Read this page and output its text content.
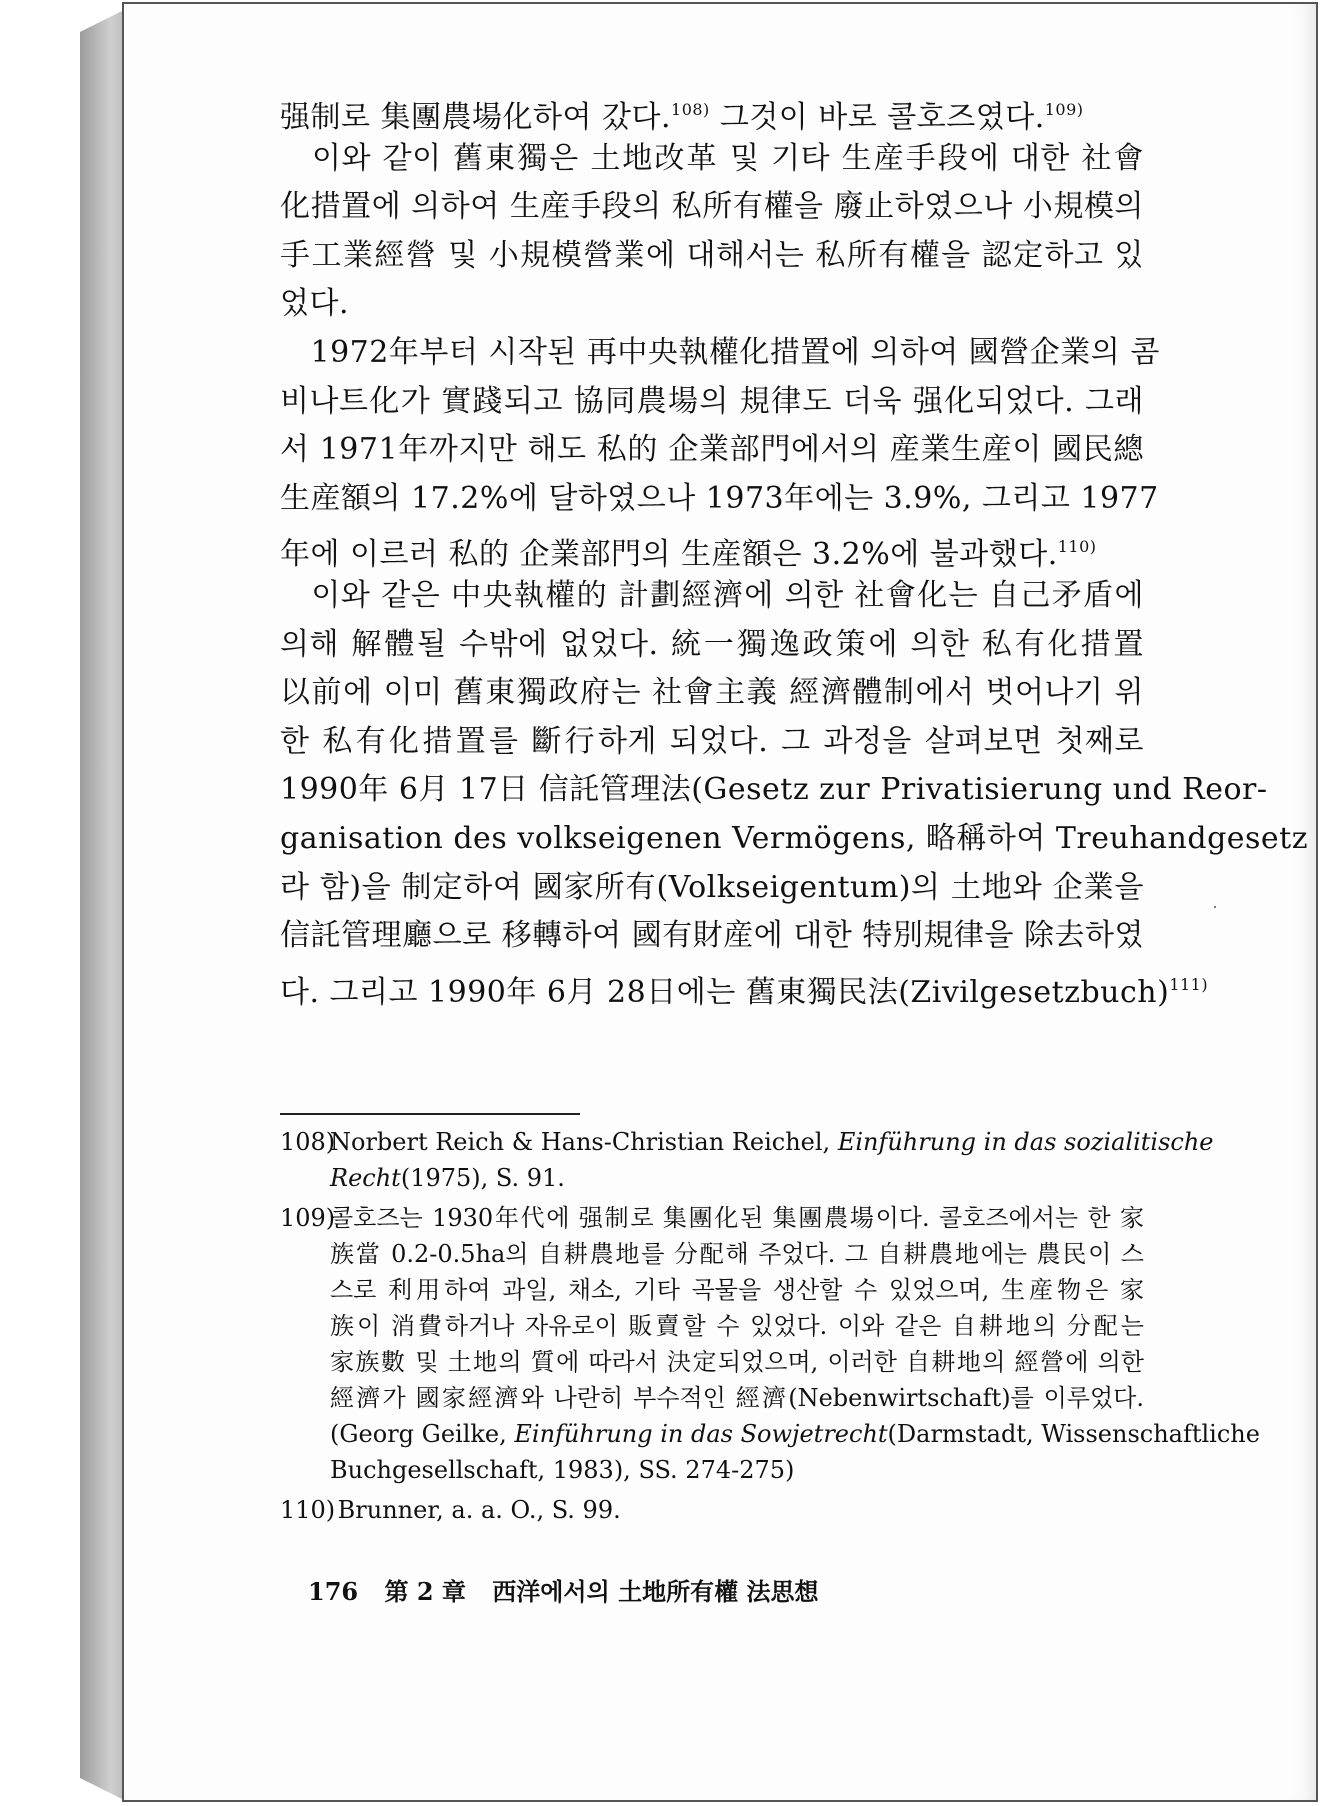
强制로 集團農場化하여 갔다.$^{108)}$ 그것이 바로 콜호즈였다.$^{109)}$
　이와 같이 舊東獨은 土地改革 및 기타 生産手段에 대한 社會
化措置에 의하여 生産手段의 私所有權을 廢止하였으나 小規模의
手工業經營 및 小規模營業에 대해서는 私所有權을 認定하고 있
었다.
　1972年부터 시작된 再中央執權化措置에 의하여 國營企業의 콤
비나트化가 實踐되고 協同農場의 規律도 더욱 强化되었다. 그래
서 1971年까지만 해도 私的 企業部門에서의 産業生産이 國民總
生産額의 17.2%에 달하였으나 1973年에는 3.9%, 그리고 1977
年에 이르러 私的 企業部門의 生産額은 3.2%에 불과했다.$^{110)}$
　이와 같은 中央執權的 計劃經濟에 의한 社會化는 自己矛盾에
의해 解體될 수밖에 없었다. 統一獨逸政策에 의한 私有化措置
以前에 이미 舊東獨政府는 社會主義 經濟體制에서 벗어나기 위
한 私有化措置를 斷行하게 되었다. 그 과정을 살펴보면 첫째로
1990年 6月 17日 信託管理法(Gesetz zur Privatisierung und Reor-
ganisation des volkseigenen Vermögens, 略稱하여 Treuhandgesetz
라 함)을 制定하여 國家所有(Volkseigentum)의 土地와 企業을
信託管理廳으로 移轉하여 國有財産에 대한 特別規律을 除去하였
다. 그리고 1990年 6月 28日에는 舊東獨民法(Zivilgesetzbuch)$^{111)}$
108)
Norbert Reich & Hans-Christian Reichel, Einführung in das sozialitische
Recht(1975), S. 91.
109)
콜호즈는 1930年代에 强制로 集團化된 集團農場이다. 콜호즈에서는 한 家
族當 0.2-0.5ha의 自耕農地를 分配해 주었다. 그 自耕農地에는 農民이 스
스로 利用하여 과일, 채소, 기타 곡물을 생산할 수 있었으며, 生産物은 家
族이 消費하거나 자유로이 販賣할 수 있었다. 이와 같은 自耕地의 分配는
家族數 및 土地의 質에 따라서 決定되었으며, 이러한 自耕地의 經營에 의한
經濟가 國家經濟와 나란히 부수적인 經濟(Nebenwirtschaft)를 이루었다.
(Georg Geilke, Einführung in das Sowjetrecht(Darmstadt, Wissenschaftliche
Buchgesellschaft, 1983), SS. 274-275)
110) Brunner, a. a. O., S. 99.
176 第 2 章 西洋에서의 土地所有權 法思想
